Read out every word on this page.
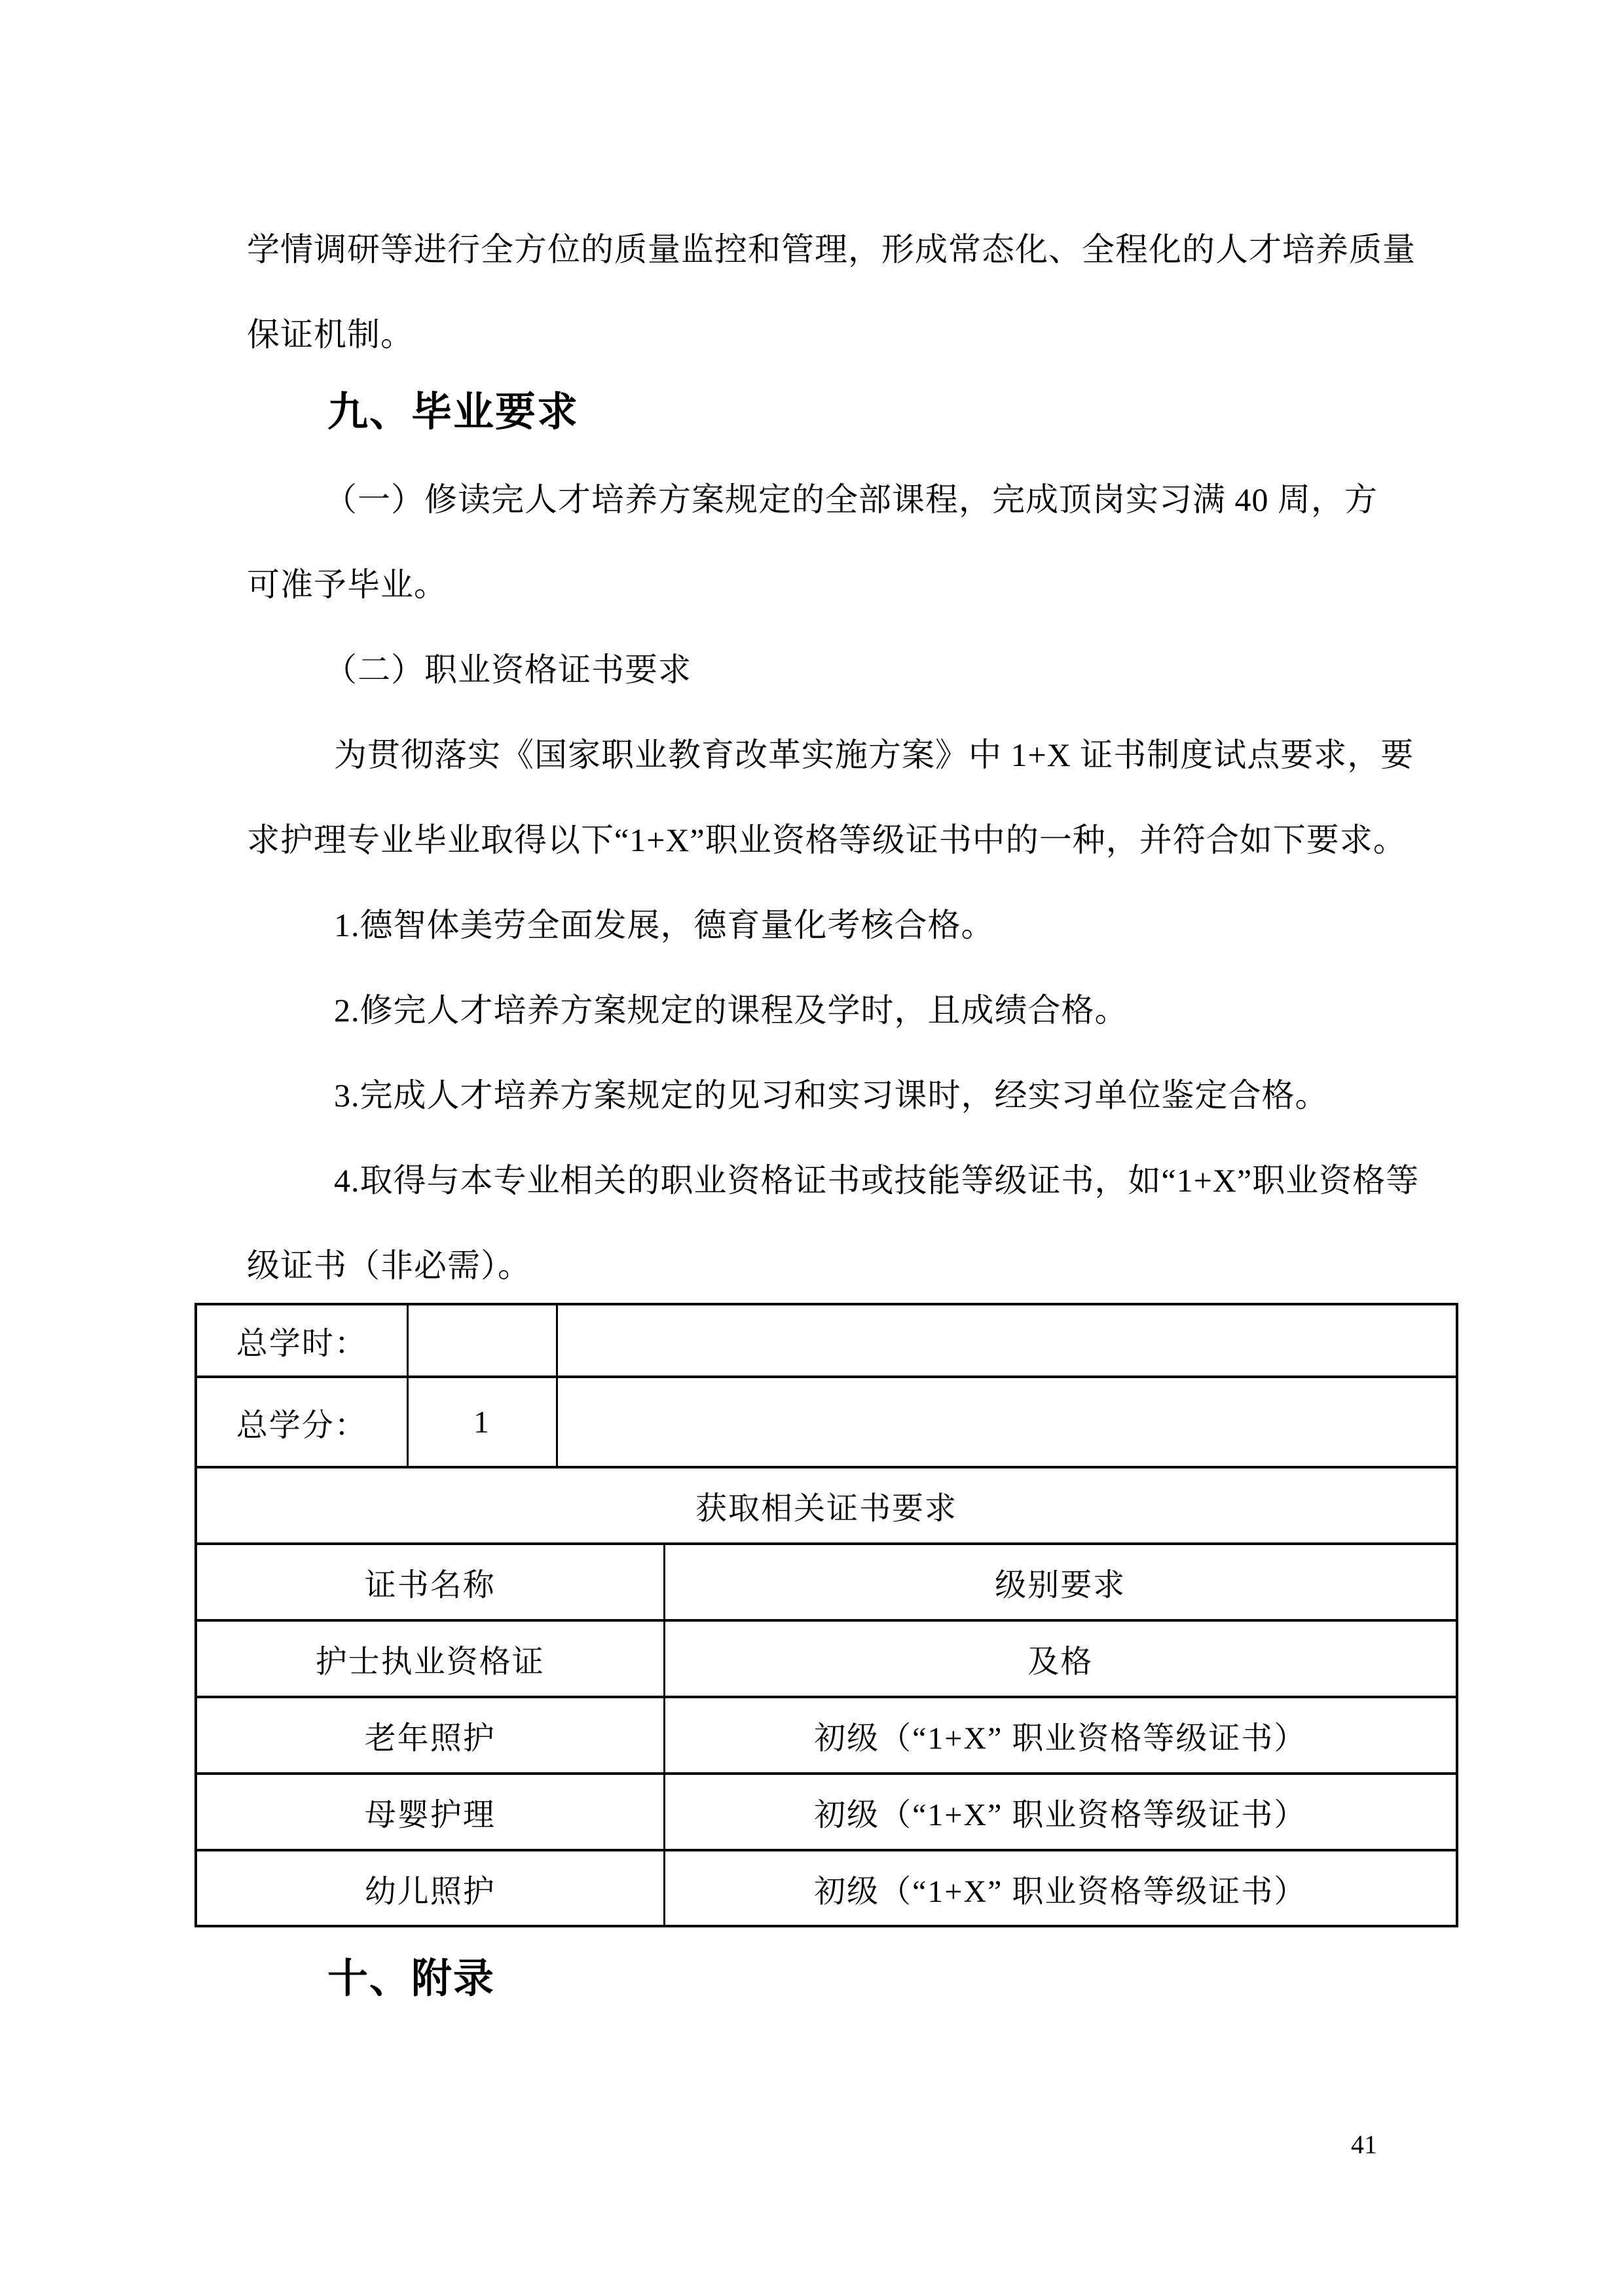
学情调研等进行全方位的质量监控和管理，形成常态化、全程化的人才培养质量
保证机制。
九、毕业要求
（一）修读完人才培养方案规定的全部课程，完成顶岗实习满 40 周，方
可准予毕业。
（二）职业资格证书要求
为贯彻落实《国家职业教育改革实施方案》中 1+X 证书制度试点要求，要
求护理专业毕业取得以下“1+X”职业资格等级证书中的一种，并符合如下要求。
1.德智体美劳全面发展，德育量化考核合格。
2.修完人才培养方案规定的课程及学时，且成绩合格。
3.完成人才培养方案规定的见习和实习课时，经实习单位鉴定合格。
4.取得与本专业相关的职业资格证书或技能等级证书，如“1+X”职业资格等
级证书（非必需）。
总学时：			
总学分：	1		
获取相关证书要求			
证书名称			级别要求
护士执业资格证			及格
老年照护			初级（“1+X” 职业资格等级证书）
母婴护理			初级（“1+X” 职业资格等级证书）
幼儿照护			初级（“1+X” 职业资格等级证书）
十、附录
41
